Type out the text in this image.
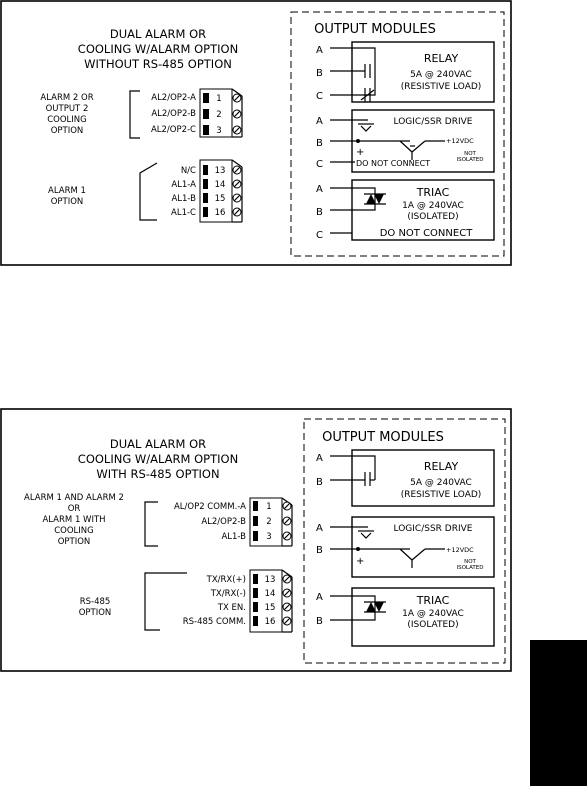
DUAL ALARM OR
COOLING W/ALARM OPTION
WITHOUT RS-485 OPTION
ALARM 2 OR
OUTPUT 2
COOLING
OPTION
AL2/OP2-A
AL2/OP2-B
AL2/OP2-C
1
2
3
ALARM 1
OPTION
N/C
AL1-A
AL1-B
AL1-C
13
14
15
16
OUTPUT MODULES
RELAY
5A @ 240VAC
(RESISTIVE LOAD)
A
B
C
LOGIC/SSR DRIVE
A
B
C
+
+12VDC
NOT
ISOLATED
DO NOT CONNECT
TRIAC
1A @ 240VAC
(ISOLATED)
A
B
C	DO NOT CONNECT
DUAL ALARM OR
COOLING W/ALARM OPTION
WITH RS-485 OPTION
ALARM 1 AND ALARM 2
OR
ALARM 1 WITH
COOLING
OPTION
AL/OP2 COMM.-A
AL2/OP2-B
AL1-B
1
2
3
RS-485
OPTION
TX/RX(+)
TX/RX(-)
TX EN.
RS-485 COMM.
13
14
15
16
OUTPUT MODULES
RELAY
5A @ 240VAC
(RESISTIVE LOAD)
A
B
LOGIC/SSR DRIVE
A
B
+
+12VDC
NOT
ISOLATED
TRIAC
1A @ 240VAC
(ISOLATED)
A
B
